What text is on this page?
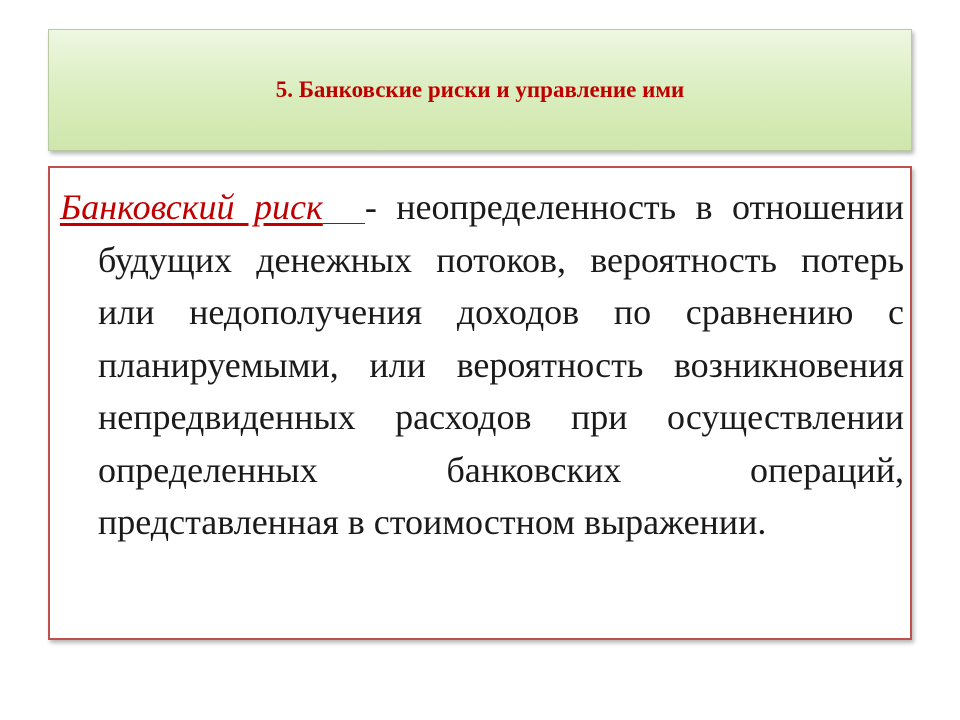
5. Банковские риски и управление ими

Банковский риск - неопределенность в отношении будущих денежных потоков, вероятность потерь или недополучения доходов по сравнению с планируемыми, или вероятность возникновения непредвиденных расходов при осуществлении определенных банковских операций, представленная в стоимостном выражении.
